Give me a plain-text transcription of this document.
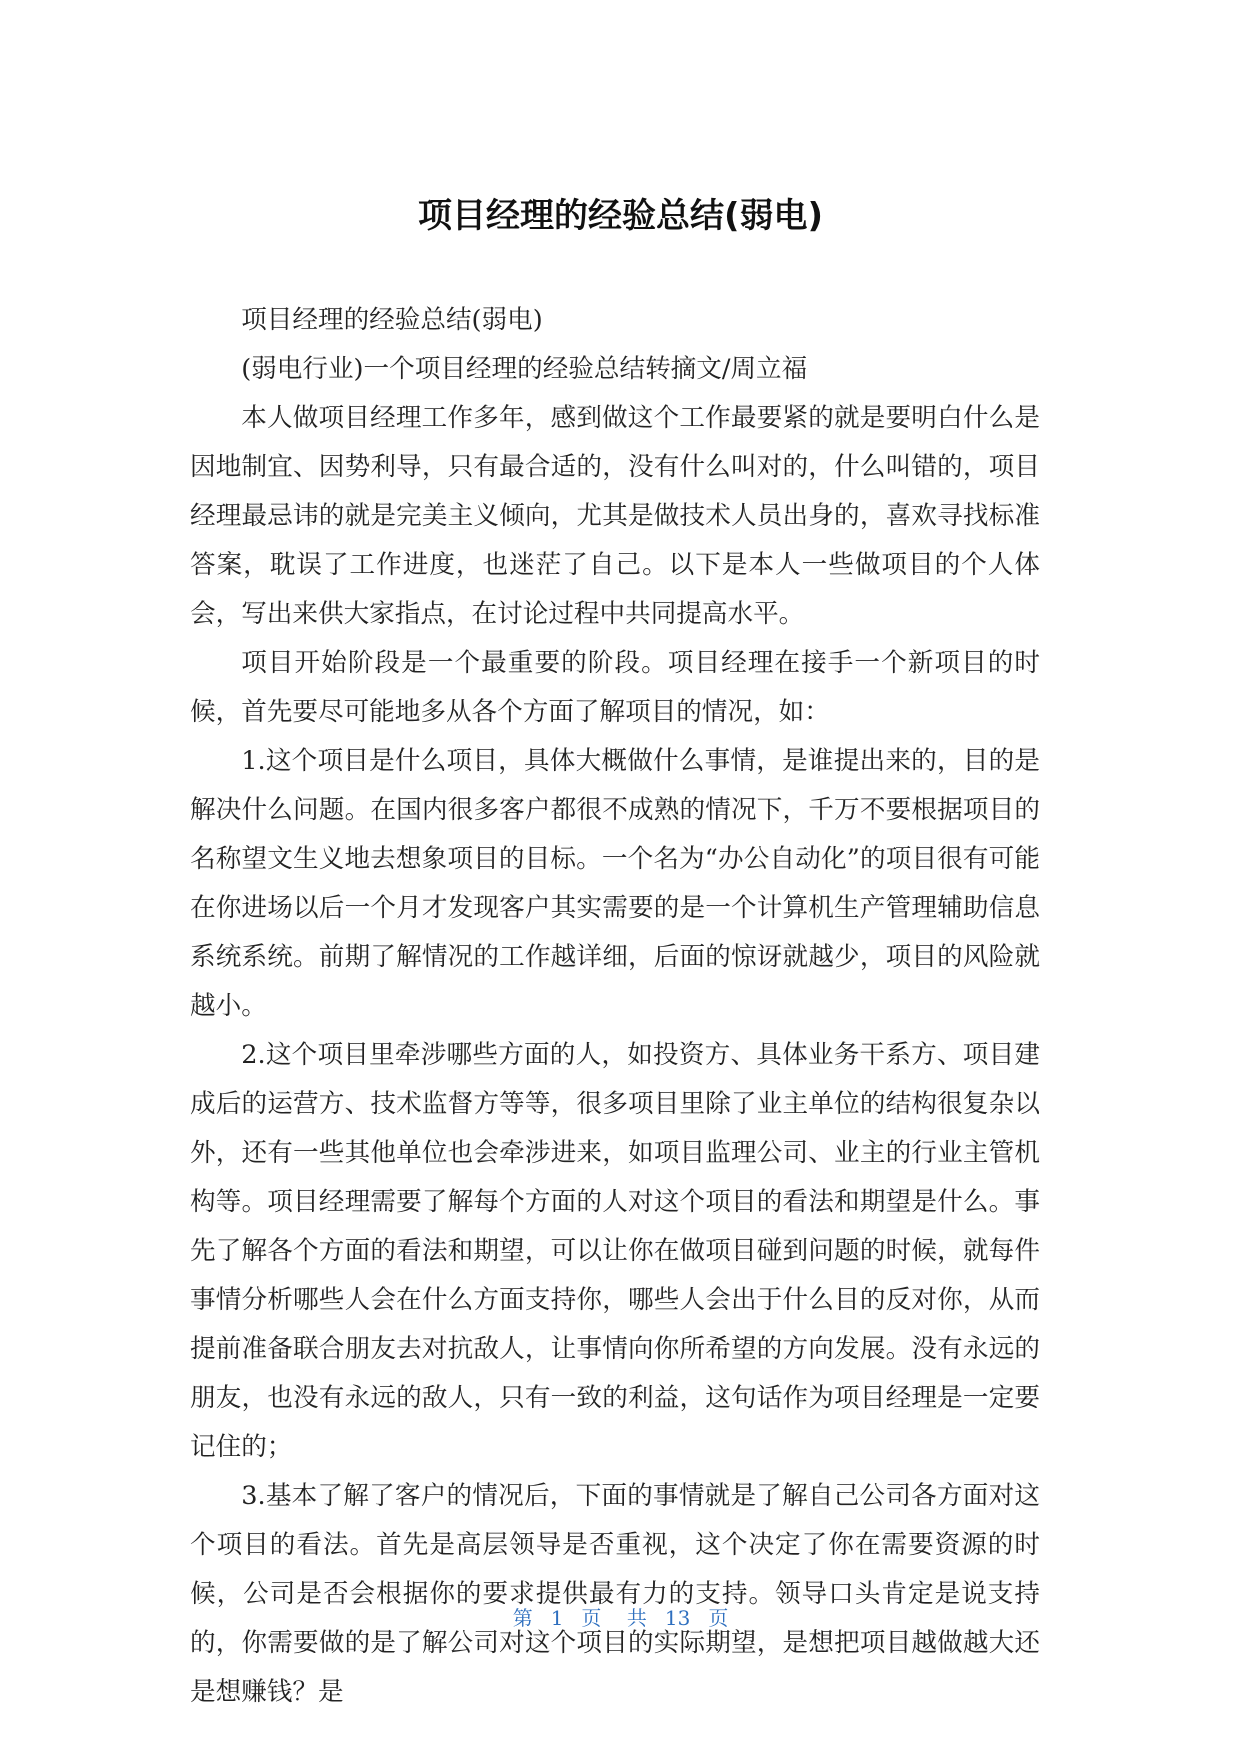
项目经理的经验总结(弱电)

项目经理的经验总结(弱电)

(弱电行业)一个项目经理的经验总结转摘文/周立福

本人做项目经理工作多年，感到做这个工作最要紧的就是要明白什么是因地制宜、因势利导，只有最合适的，没有什么叫对的，什么叫错的，项目经理最忌讳的就是完美主义倾向，尤其是做技术人员出身的，喜欢寻找标准答案，耽误了工作进度，也迷茫了自己。以下是本人一些做项目的个人体会，写出来供大家指点，在讨论过程中共同提高水平。

项目开始阶段是一个最重要的阶段。项目经理在接手一个新项目的时候，首先要尽可能地多从各个方面了解项目的情况，如：

1.这个项目是什么项目，具体大概做什么事情，是谁提出来的，目的是解决什么问题。在国内很多客户都很不成熟的情况下，千万不要根据项目的名称望文生义地去想象项目的目标。一个名为“办公自动化”的项目很有可能在你进场以后一个月才发现客户其实需要的是一个计算机生产管理辅助信息系统系统。前期了解情况的工作越详细，后面的惊讶就越少，项目的风险就越小。

2.这个项目里牵涉哪些方面的人，如投资方、具体业务干系方、项目建成后的运营方、技术监督方等等，很多项目里除了业主单位的结构很复杂以外，还有一些其他单位也会牵涉进来，如项目监理公司、业主的行业主管机构等。项目经理需要了解每个方面的人对这个项目的看法和期望是什么。事先了解各个方面的看法和期望，可以让你在做项目碰到问题的时候，就每件事情分析哪些人会在什么方面支持你，哪些人会出于什么目的反对你，从而提前准备联合朋友去对抗敌人，让事情向你所希望的方向发展。没有永远的朋友，也没有永远的敌人，只有一致的利益，这句话作为项目经理是一定要记住的；

3.基本了解了客户的情况后，下面的事情就是了解自己公司各方面对这个项目的看法。首先是高层领导是否重视，这个决定了你在需要资源的时候，公司是否会根据你的要求提供最有力的支持。领导口头肯定是说支持的，你需要做的是了解公司对这个项目的实际期望，是想把项目越做越大还是想赚钱？是

第 1 页    共 13 页
